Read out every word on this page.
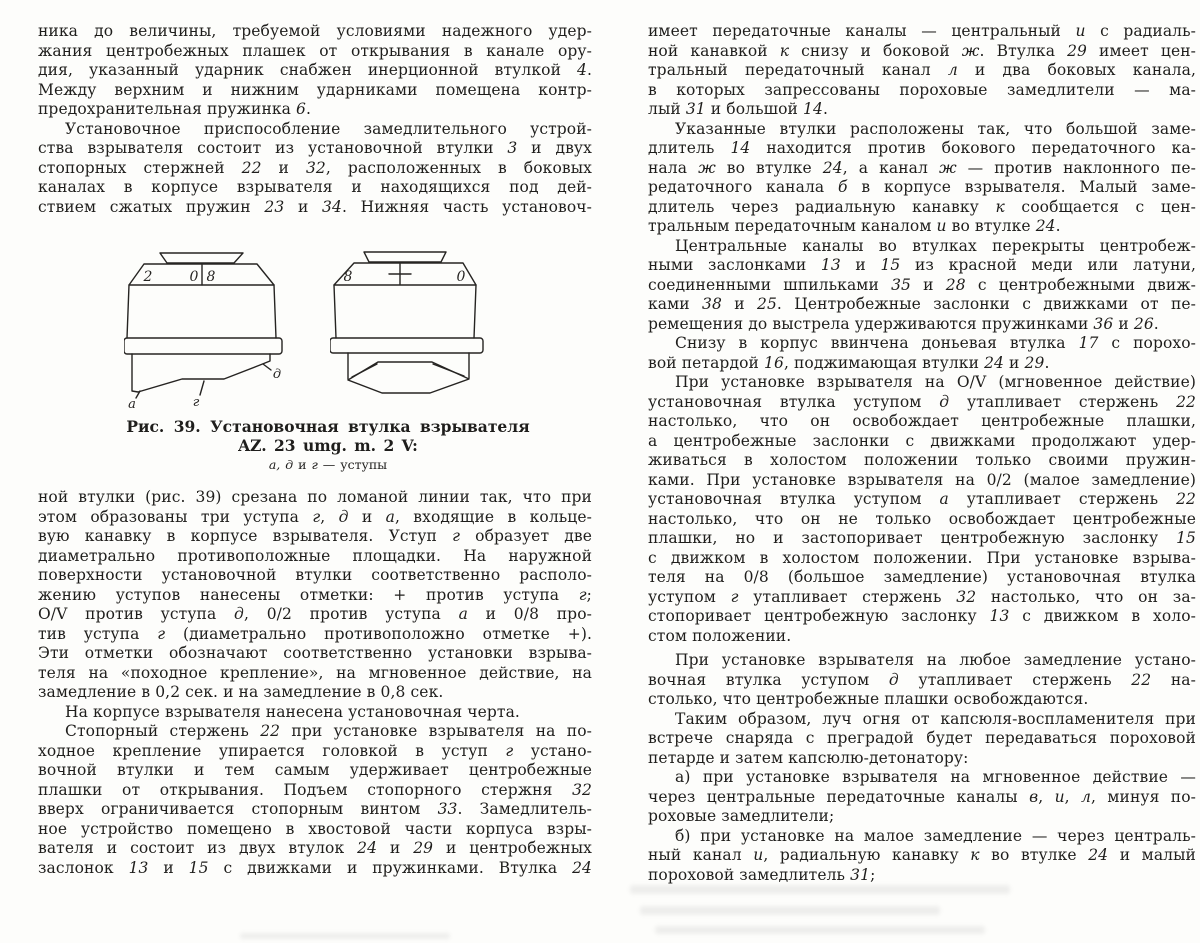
ника до величины, требуемой условиями надежного удер-
жания центробежных плашек от открывания в канале ору-
дия, указанный ударник снабжен инерционной втулкой 4.
Между верхним и нижним ударниками помещена контр-
предохранительная пружинка 6.
Установочное приспособление замедлительного устрой-
ства взрывателя состоит из установочной втулки 3 и двух
стопорных стержней 22 и 32, расположенных в боковых
каналах в корпусе взрывателя и находящихся под дей-
ствием сжатых пружин 23 и 34. Нижняя часть установоч-
2	0 8
а	г
д
8	0
Рис. 39. Установочная втулка взрывателя
AZ. 23 umg. m. 2 V:
а, д и г — уступы
ной втулки (рис. 39) срезана по ломаной линии так, что при
этом образованы три уступа г, д и а, входящие в кольце-
вую канавку в корпусе взрывателя. Уступ г образует две
диаметрально противоположные площадки. На наружной
поверхности установочной втулки соответственно располо-
жению уступов нанесены отметки: + против уступа г;
O/V против уступа д, 0/2 против уступа а и 0/8 про-
тив уступа г (диаметрально противоположно отметке +).
Эти отметки обозначают соответственно установки взрыва-
теля на «походное крепление», на мгновенное действие, на
замедление в 0,2 сек. и на замедление в 0,8 сек.
На корпусе взрывателя нанесена установочная черта.
Стопорный стержень 22 при установке взрывателя на по-
ходное крепление упирается головкой в уступ г устано-
вочной втулки и тем самым удерживает центробежные
плашки от открывания. Подъем стопорного стержня 32
вверх ограничивается стопорным винтом 33. Замедлитель-
ное устройство помещено в хвостовой части корпуса взры-
вателя и состоит из двух втулок 24 и 29 и центробежных
заслонок 13 и 15 с движками и пружинками. Втулка 24
имеет передаточные каналы — центральный и с радиаль-
ной канавкой к снизу и боковой ж. Втулка 29 имеет цен-
тральный передаточный канал л и два боковых канала,
в которых запрессованы пороховые замедлители — ма-
лый 31 и большой 14.
Указанные втулки расположены так, что большой заме-
длитель 14 находится против бокового передаточного ка-
нала ж во втулке 24, а канал ж — против наклонного пе-
редаточного канала б в корпусе взрывателя. Малый заме-
длитель через радиальную канавку к сообщается с цен-
тральным передаточным каналом и во втулке 24.
Центральные каналы во втулках перекрыты центробеж-
ными заслонками 13 и 15 из красной меди или латуни,
соединенными шпильками 35 и 28 с центробежными движ-
ками 38 и 25. Центробежные заслонки с движками от пе-
ремещения до выстрела удерживаются пружинками 36 и 26.
Снизу в корпус ввинчена доньевая втулка 17 с порохо-
вой петардой 16, поджимающая втулки 24 и 29.
При установке взрывателя на O/V (мгновенное действие)
установочная втулка уступом д утапливает стержень 22
настолько, что он освобождает центробежные плашки,
а центробежные заслонки с движками продолжают удер-
живаться в холостом положении только своими пружин-
ками. При установке взрывателя на 0/2 (малое замедление)
установочная втулка уступом а утапливает стержень 22
настолько, что он не только освобождает центробежные
плашки, но и застопоривает центробежную заслонку 15
с движком в холостом положении. При установке взрыва-
теля на 0/8 (большое замедление) установочная втулка
уступом г утапливает стержень 32 настолько, что он за-
стопоривает центробежную заслонку 13 с движком в холо-
стом положении.
При установке взрывателя на любое замедление устано-
вочная втулка уступом д утапливает стержень 22 на-
столько, что центробежные плашки освобождаются.
Таким образом, луч огня от капсюля-воспламенителя при
встрече снаряда с преградой будет передаваться пороховой
петарде и затем капсюлю-детонатору:
а) при установке взрывателя на мгновенное действие —
через центральные передаточные каналы в, и, л, минуя по-
роховые замедлители;
б) при установке на малое замедление — через централь-
ный канал и, радиальную канавку к во втулке 24 и малый
пороховой замедлитель 31;
